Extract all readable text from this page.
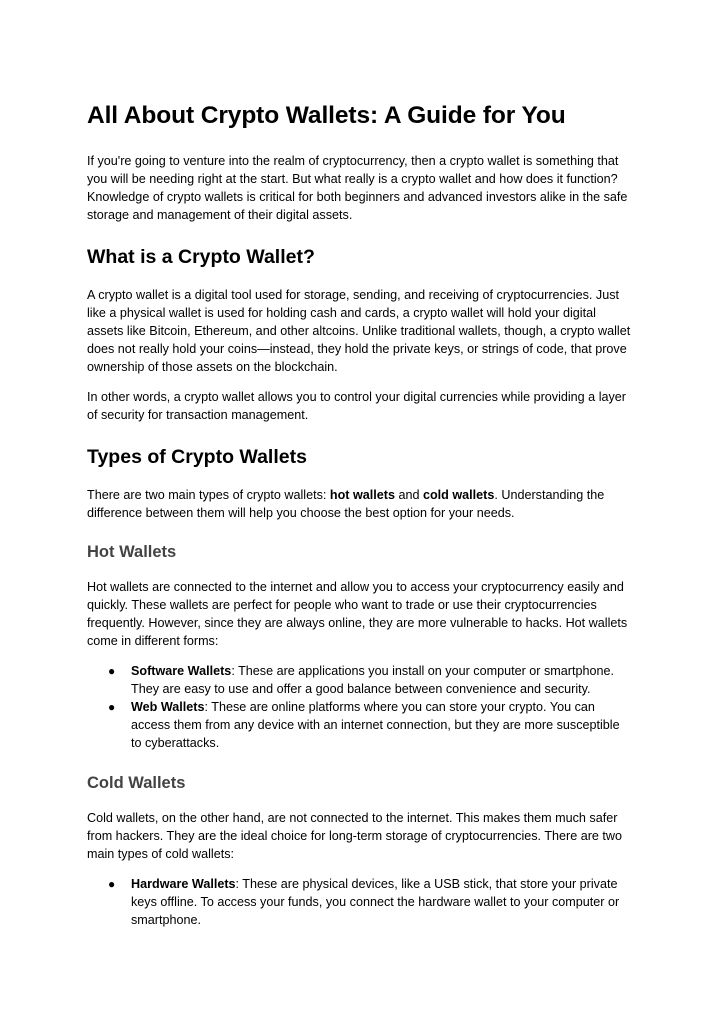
All About Crypto Wallets: A Guide for You

If you're going to venture into the realm of cryptocurrency, then a crypto wallet is something that you will be needing right at the start. But what really is a crypto wallet and how does it function? Knowledge of crypto wallets is critical for both beginners and advanced investors alike in the safe storage and management of their digital assets.

What is a Crypto Wallet?

A crypto wallet is a digital tool used for storage, sending, and receiving of cryptocurrencies. Just like a physical wallet is used for holding cash and cards, a crypto wallet will hold your digital assets like Bitcoin, Ethereum, and other altcoins. Unlike traditional wallets, though, a crypto wallet does not really hold your coins—instead, they hold the private keys, or strings of code, that prove ownership of those assets on the blockchain.

In other words, a crypto wallet allows you to control your digital currencies while providing a layer of security for transaction management.

Types of Crypto Wallets

There are two main types of crypto wallets: hot wallets and cold wallets. Understanding the difference between them will help you choose the best option for your needs.

Hot Wallets

Hot wallets are connected to the internet and allow you to access your cryptocurrency easily and quickly. These wallets are perfect for people who want to trade or use their cryptocurrencies frequently. However, since they are always online, they are more vulnerable to hacks. Hot wallets come in different forms:

● Software Wallets: These are applications you install on your computer or smartphone. They are easy to use and offer a good balance between convenience and security.
● Web Wallets: These are online platforms where you can store your crypto. You can access them from any device with an internet connection, but they are more susceptible to cyberattacks.
Cold Wallets

Cold wallets, on the other hand, are not connected to the internet. This makes them much safer from hackers. They are the ideal choice for long-term storage of cryptocurrencies. There are two main types of cold wallets:

● Hardware Wallets: These are physical devices, like a USB stick, that store your private keys offline. To access your funds, you connect the hardware wallet to your computer or smartphone.
